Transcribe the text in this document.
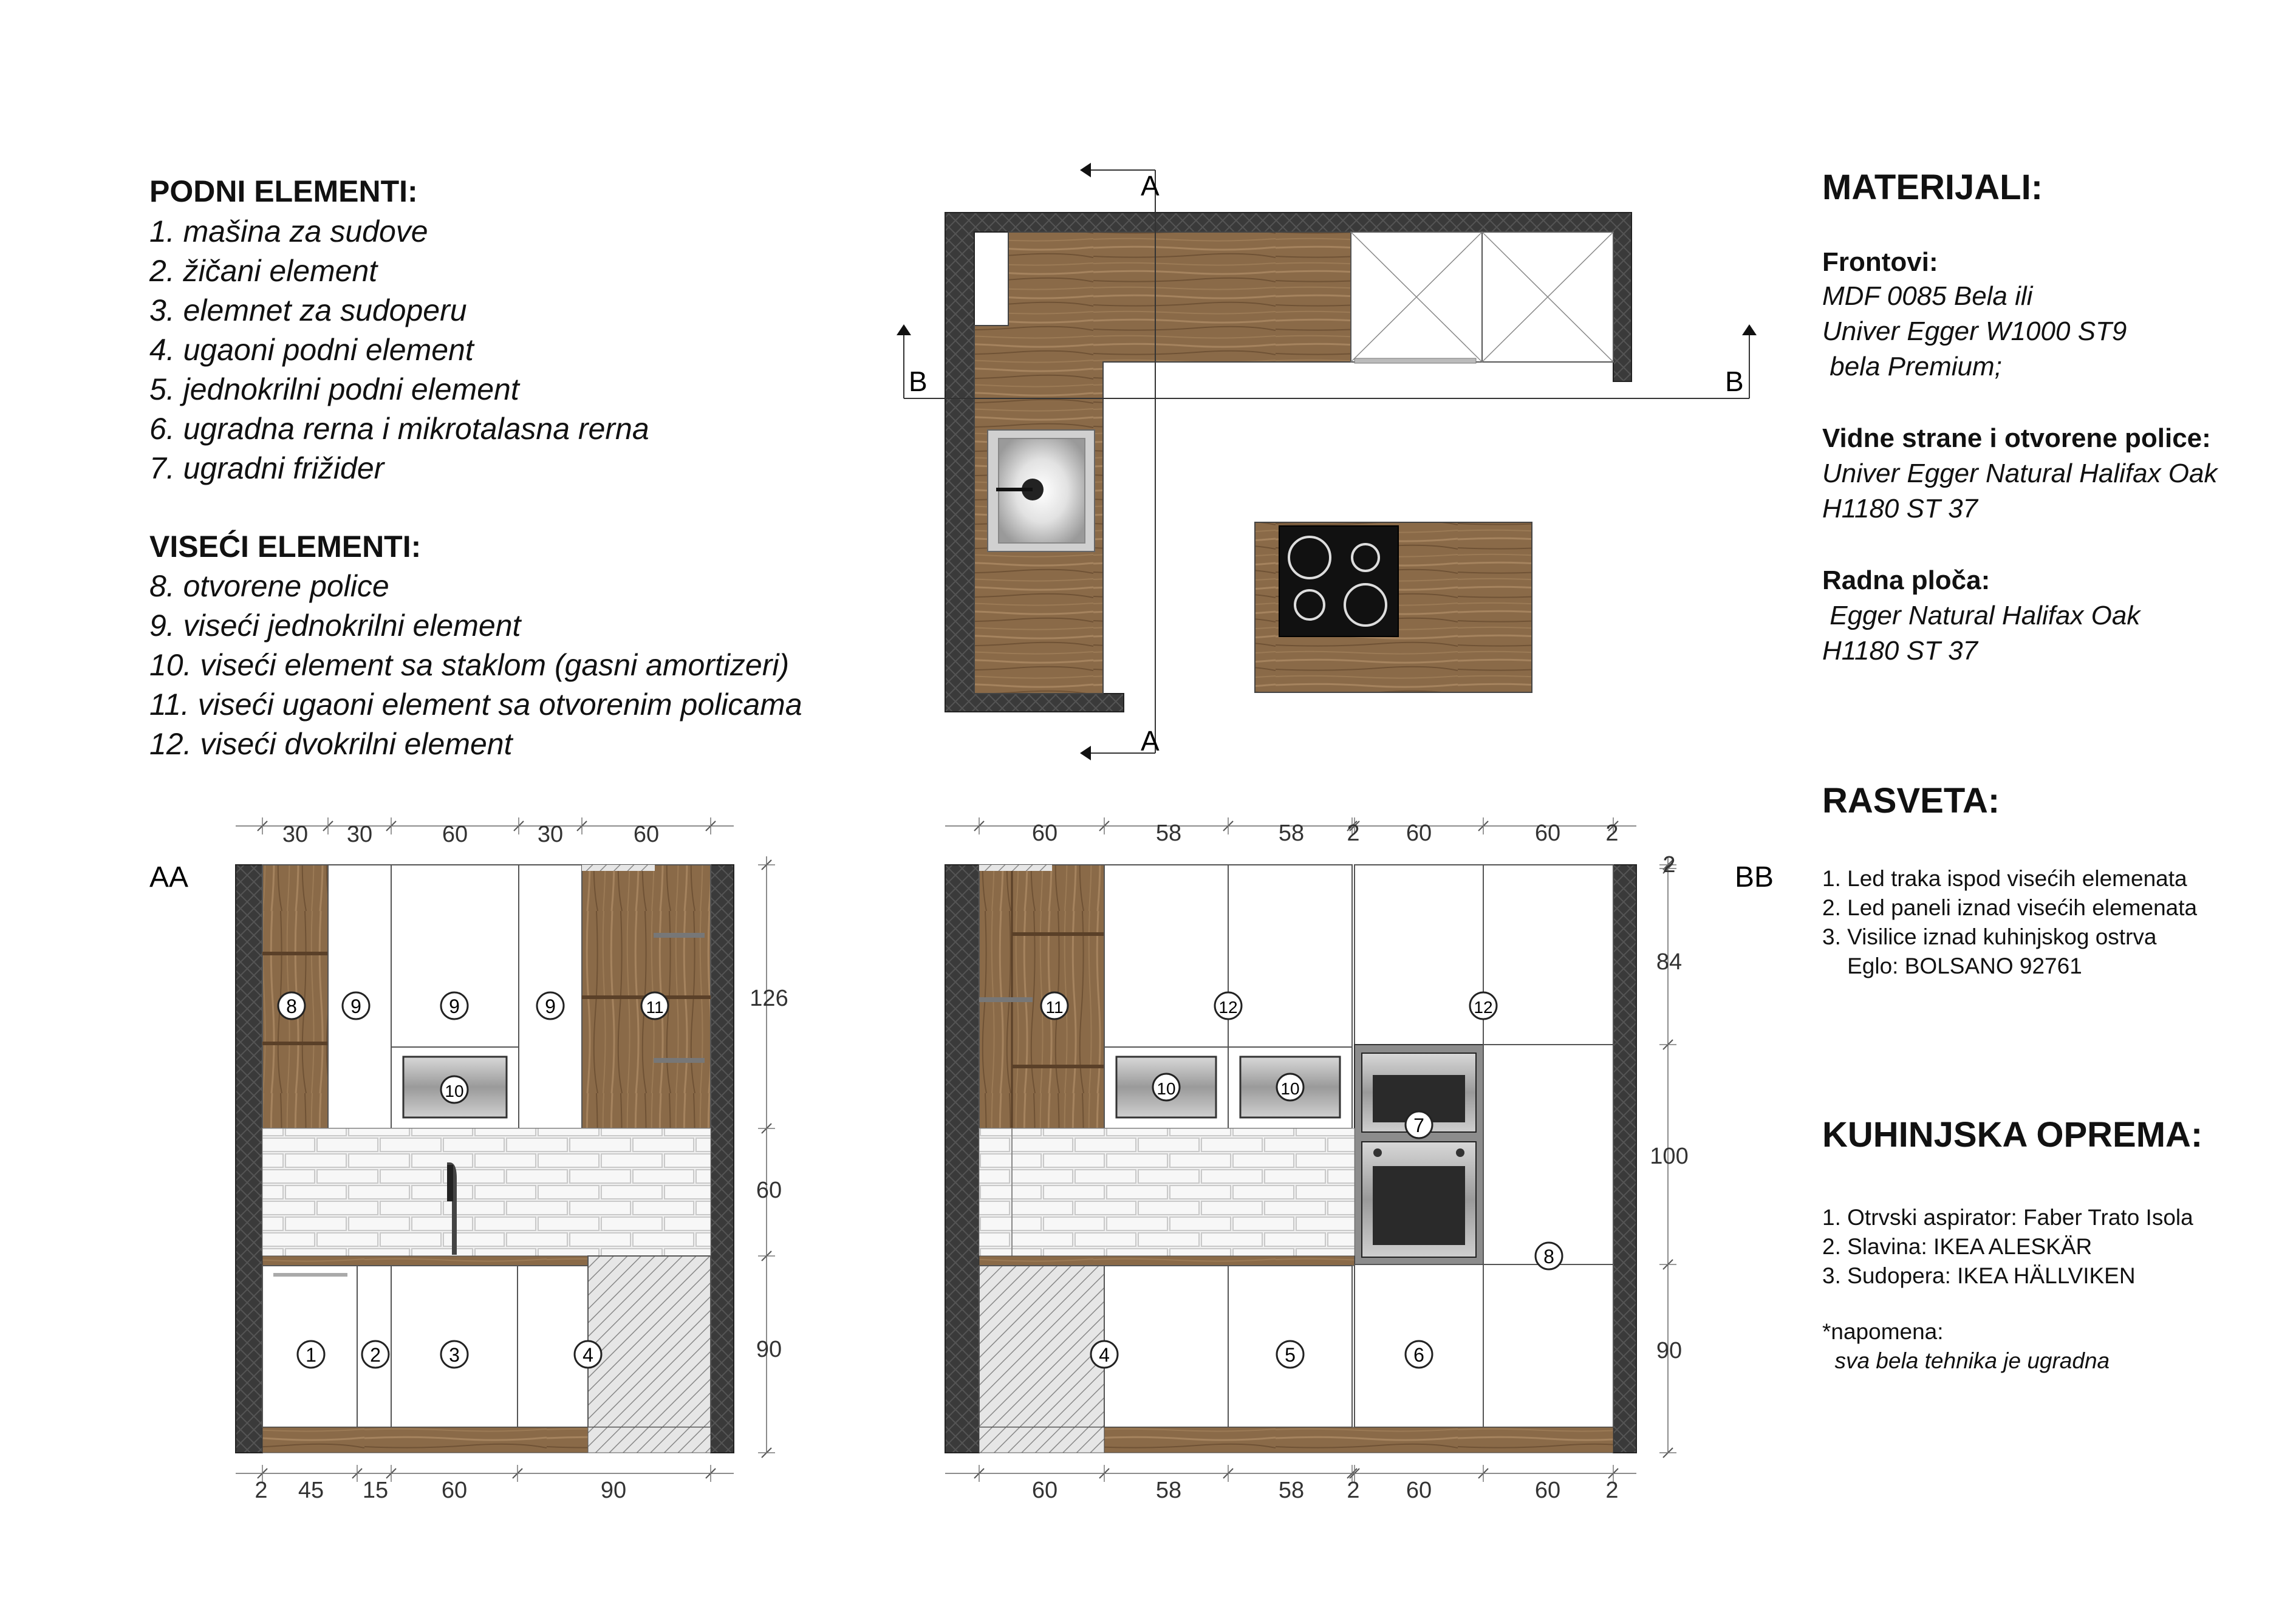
PODNI ELEMENTI:
1. mašina za sudove
2. žičani element
3. elemnet za sudoperu
4. ugaoni podni element
5. jednokrilni podni element
6. ugradna rerna i mikrotalasna rerna
7. ugradni frižider
VISEĆI ELEMENTI:
8. otvorene police
9. viseći jednokrilni element
10. viseći element sa staklom (gasni amortizeri)
11. viseći ugaoni element sa otvorenim policama
12. viseći dvokrilni element
MATERIJALI:
Frontovi:
MDF 0085 Bela ili
Univer Egger W1000 ST9
bela Premium;
Vidne strane i otvorene police:
Univer Egger Natural Halifax Oak
H1180 ST 37
Radna ploča:
Egger Natural Halifax Oak
H1180 ST 37
RASVETA:
1. Led traka ispod visećih elemenata
2. Led paneli iznad visećih elemenata
3. Visilice iznad kuhinjskog ostrva
Eglo: BOLSANO 92761
KUHINJSKA OPREMA:
1. Otrvski aspirator: Faber Trato Isola
2. Slavina: IKEA ALESKÄR
3. Sudopera: IKEA HÄLLVIKEN
*napomena:
sva bela tehnika je ugradna
A
A
B	B
AA
30 30	60	30	60
2 45 15 60	90
126
60
90
8	9	9	9	11
10
1	2	3	4
BB
60	58	58 2 60	60 2
60	58	58 2 60	60 2
2
84
100
90
11	12	12
10	10
7
8
4	5	6
